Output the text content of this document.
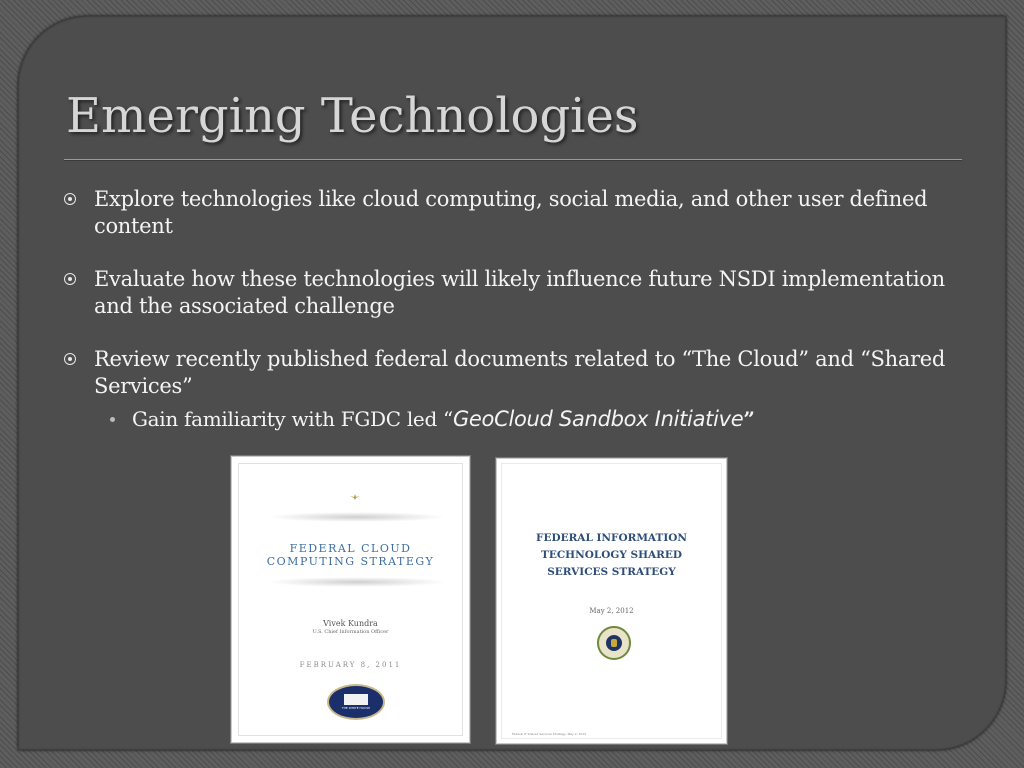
Emerging Technologies
Explore technologies like cloud computing, social media, and other user defined content
Evaluate how these technologies will likely influence future NSDI implementation and the associated challenge
Review recently published federal documents related to “The Cloud” and “Shared Services”
Gain familiarity with FGDC led “GeoCloud Sandbox Initiative”
FEDERAL CLOUD
COMPUTING STRATEGY
Vivek Kundra
U.S. Chief Information Officer
FEBRUARY 8, 2011
THE WHITE HOUSE
FEDERAL INFORMATION
TECHNOLOGY SHARED
SERVICES STRATEGY
May 2, 2012
Federal IT Shared Services Strategy, May 2, 2012
